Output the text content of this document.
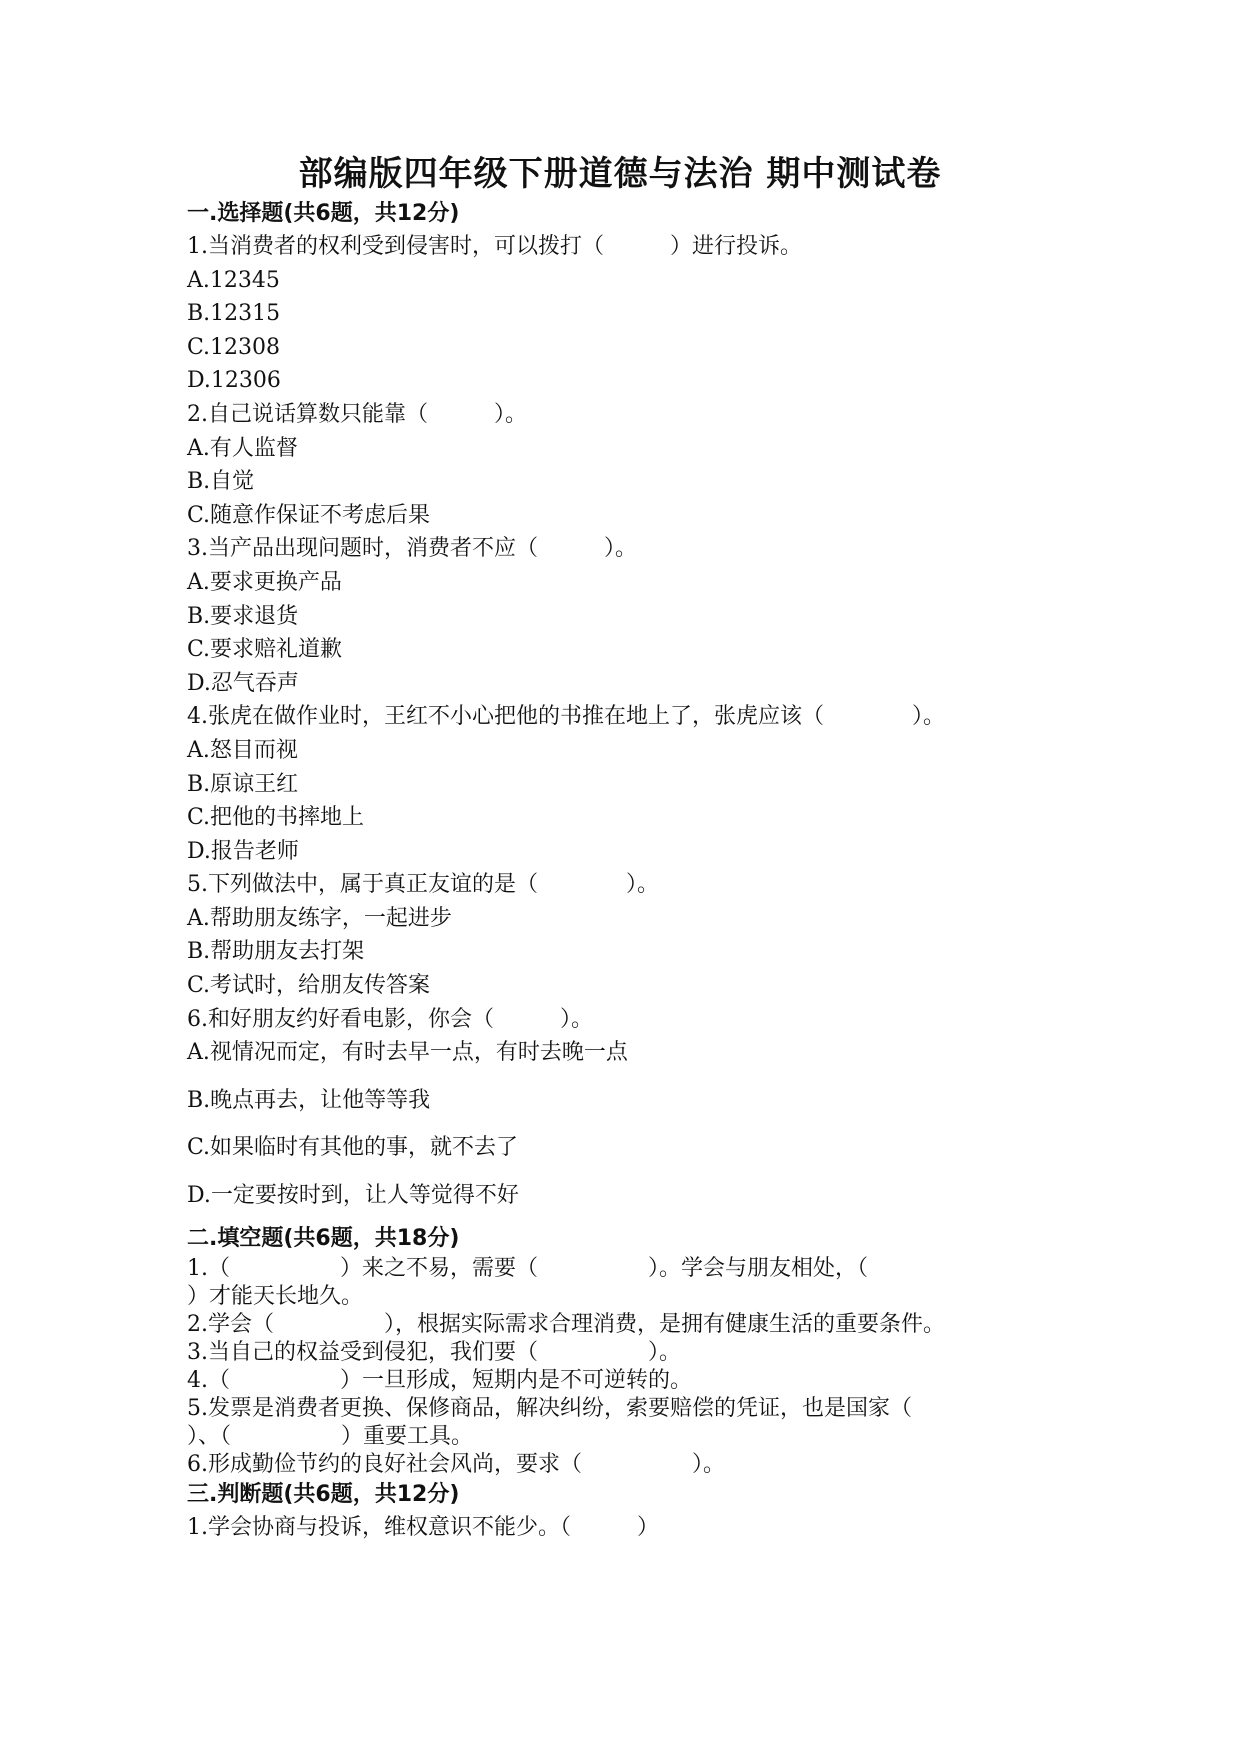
部编版四年级下册道德与法治 期中测试卷
一.选择题(共6题，共12分)
1.当消费者的权利受到侵害时，可以拨打（　　　）进行投诉。
A.12345
B.12315
C.12308
D.12306
2.自己说话算数只能靠（　　　）。
A.有人监督
B.自觉
C.随意作保证不考虑后果
3.当产品出现问题时，消费者不应（　　　）。
A.要求更换产品
B.要求退货
C.要求赔礼道歉
D.忍气吞声
4.张虎在做作业时，王红不小心把他的书推在地上了，张虎应该（　　　　）。
A.怒目而视
B.原谅王红
C.把他的书摔地上
D.报告老师
5.下列做法中，属于真正友谊的是（　　　　）。
A.帮助朋友练字，一起进步
B.帮助朋友去打架
C.考试时，给朋友传答案
6.和好朋友约好看电影，你会（　　　）。
A.视情况而定，有时去早一点，有时去晚一点
B.晚点再去，让他等等我
C.如果临时有其他的事，就不去了
D.一定要按时到，让人等觉得不好
二.填空题(共6题，共18分)
1.（　　　　　）来之不易，需要（　　　　　）。学会与朋友相处，（
）才能天长地久。
2.学会（　　　　　），根据实际需求合理消费，是拥有健康生活的重要条件。
3.当自己的权益受到侵犯，我们要（　　　　　）。
4.（　　　　　）一旦形成，短期内是不可逆转的。
5.发票是消费者更换、保修商品，解决纠纷，索要赔偿的凭证，也是国家（
）、（　　　　　）重要工具。
6.形成勤俭节约的良好社会风尚，要求（　　　　　）。
三.判断题(共6题，共12分)
1.学会协商与投诉，维权意识不能少。（　　　）
